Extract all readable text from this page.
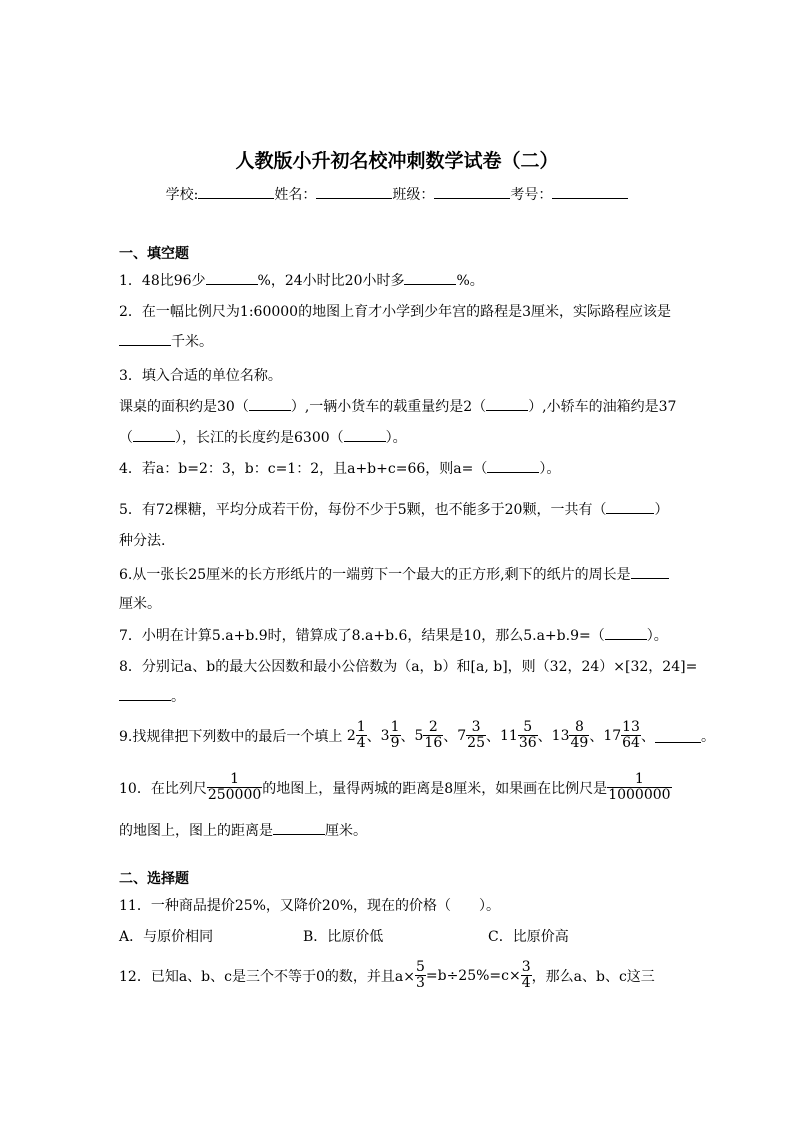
人教版小升初名校冲刺数学试卷（二）
学校:	姓名：	班级：	考号：
一、填空题
1．48比96少	%，24小时比20小时多	%。
2．在一幅比例尺为1:60000的地图上育才小学到少年宫的路程是3厘米，实际路程应该是
千米。
3．填入合适的单位名称。
课桌的面积约是30（	）,一辆小货车的载重量约是2（	）,小轿车的油箱约是37
（	），长江的长度约是6300（	）。
4．若a：b=2：3，b：c=1：2，且a+b+c=66，则a=（	）。
5．有72棵糖，平均分成若干份，每份不少于5颗，也不能多于20颗，一共有（	）
种分法.
6.从一张长25厘米的长方形纸片的一端剪下一个最大的正方形,剩下的纸片的周长是
厘米。
7．小明在计算5.a+b.9时，错算成了8.a+b.6，结果是10，那么5.a+b.9=（	）。
8．分别记a、b的最大公因数和最小公倍数为（a，b）和[a, b]，则（32，24）×[32，24]=
。
9.找规律把下列数中的最后一个填上 $2 \frac{1}{4}$ 、$3 \frac{1}{9}$ 、$5 \frac{2}{16}$ 、$7 \frac{3}{25}$ 、$11 \frac{5}{36}$ 、$13 \frac{8}{49}$ 、$17 \frac{13}{64}$ 、	。
10．在比列尺 $\frac{1}{250000}$ 的地图上，量得两城的距离是8厘米，如果画在比例尺是 $\frac{1}{1000000}$
的地图上，图上的距离是	厘米。
二、选择题
11．一种商品提价25%，又降价20%，现在的价格（　　）。
A．与原价相同	B．比原价低	C．比原价高
12．已知a、b、c是三个不等于0的数，并且$a\times \frac{5}{3} =b\div 25\%=c\times \frac{3}{4}$ ，那么a、b、c这三
